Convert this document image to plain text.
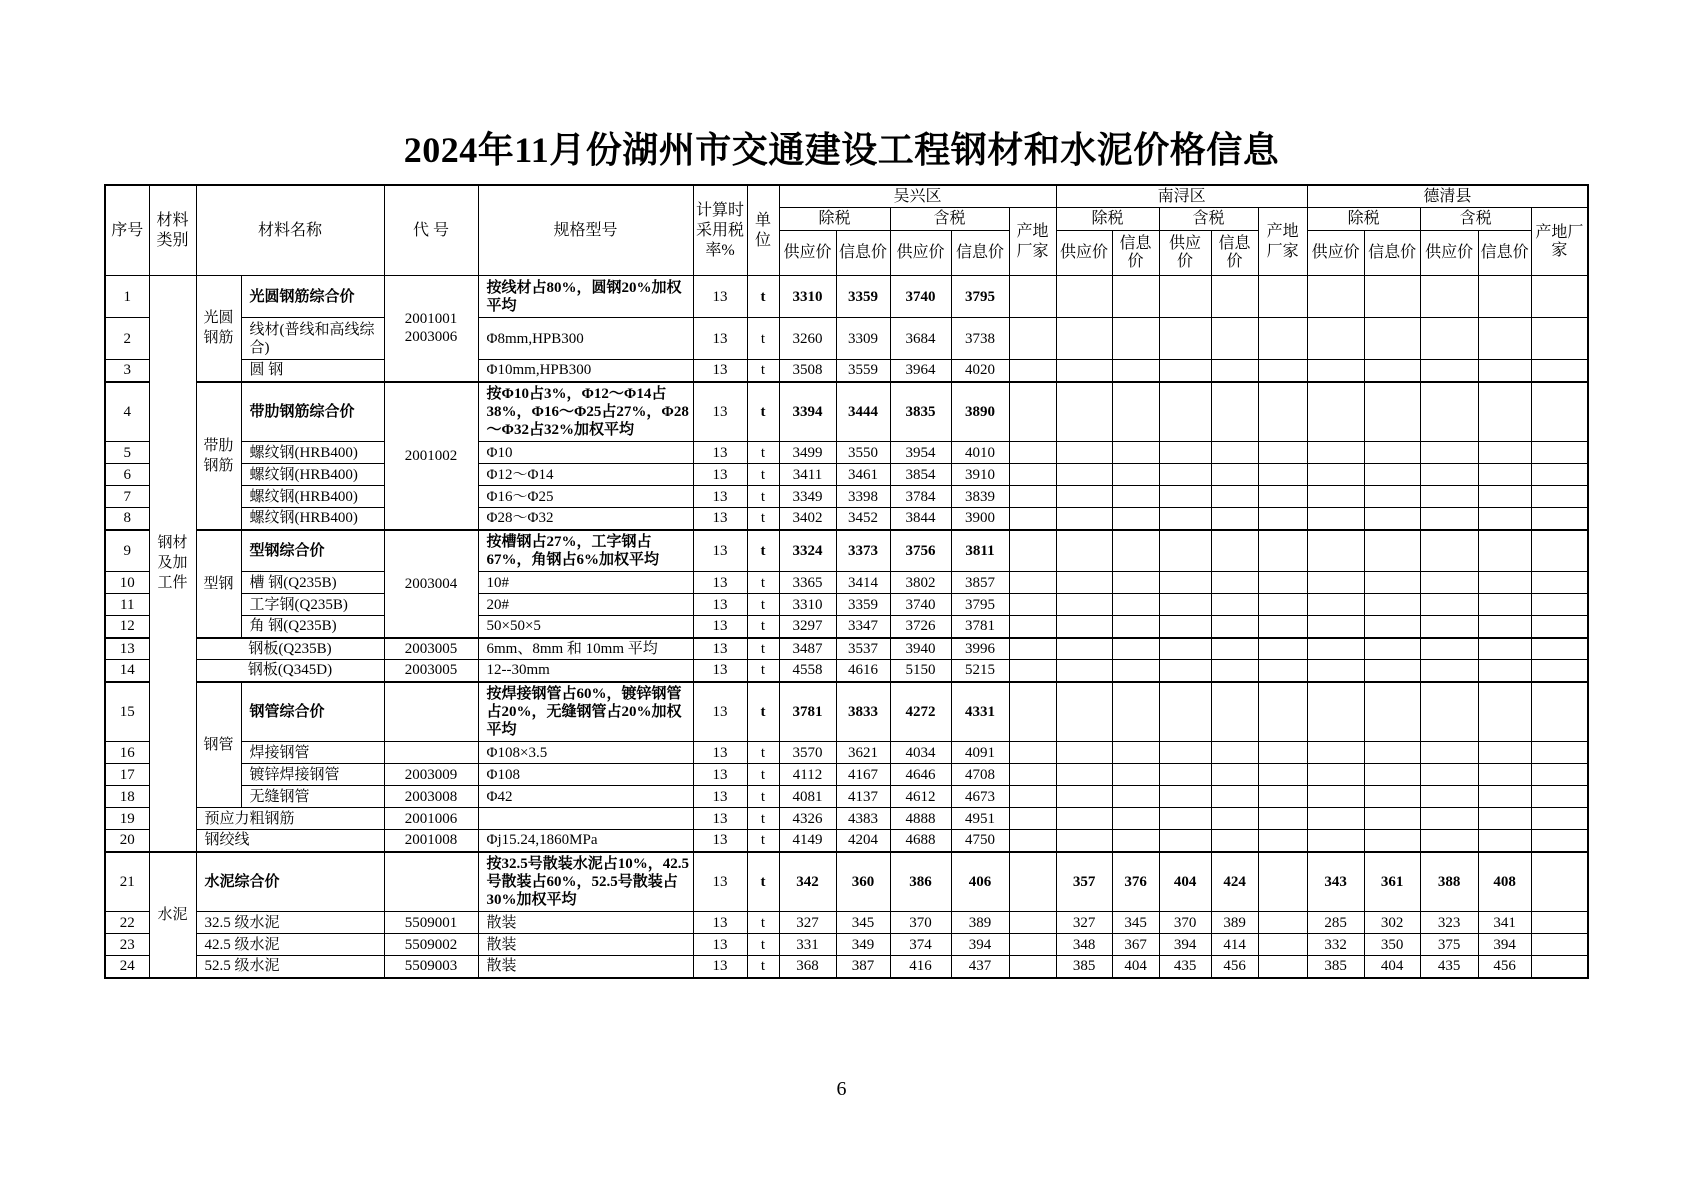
2024年11月份湖州市交通建设工程钢材和水泥价格信息
序号	材料类别	材料名称		代 号	规格型号	计算时采用税率%	单位	吴兴区					南浔区					德清县				
								除税		含税		产地厂家	除税		含税		产地厂家	除税		含税		产地厂家
								供应价	信息价	供应价	信息价		供应价	信息价	供应价	信息价		供应价	信息价	供应价	信息价	
1	钢材及加工件	光圆钢筋	光圆钢筋综合价	2001001 2003006	按线材占80%，圆钢20%加权平均	13	t	3310	3359	3740	3795											
2			线材(普线和高线综合)		Φ8mm,HPB300	13	t	3260	3309	3684	3738											
3			圆 钢		Φ10mm,HPB300	13	t	3508	3559	3964	4020											
4		带肋钢筋	带肋钢筋综合价	2001002	按Φ10占3%，Φ12～Φ14占38%，Φ16～Φ25占27%，Φ28～Φ32占32%加权平均	13	t	3394	3444	3835	3890											
5			螺纹钢(HRB400)		Φ10	13	t	3499	3550	3954	4010											
6			螺纹钢(HRB400)		Φ12～Φ14	13	t	3411	3461	3854	3910											
7			螺纹钢(HRB400)		Φ16～Φ25	13	t	3349	3398	3784	3839											
8			螺纹钢(HRB400)		Φ28～Φ32	13	t	3402	3452	3844	3900											
9		型钢	型钢综合价	2003004	按槽钢占27%，工字钢占67%，角钢占6%加权平均	13	t	3324	3373	3756	3811											
10			槽 钢(Q235B)		10#	13	t	3365	3414	3802	3857											
11			工字钢(Q235B)		20#	13	t	3310	3359	3740	3795											
12			角 钢(Q235B)		50×50×5	13	t	3297	3347	3726	3781											
13		钢板(Q235B)		2003005	6mm、8mm 和 10mm 平均	13	t	3487	3537	3940	3996											
14		钢板(Q345D)		2003005	12--30mm	13	t	4558	4616	5150	5215											
15		钢管	钢管综合价		按焊接钢管占60%，镀锌钢管占20%，无缝钢管占20%加权平均	13	t	3781	3833	4272	4331											
16			焊接钢管		Φ108×3.5	13	t	3570	3621	4034	4091											
17			镀锌焊接钢管	2003009	Φ108	13	t	4112	4167	4646	4708											
18			无缝钢管	2003008	Φ42	13	t	4081	4137	4612	4673											
19		预应力粗钢筋		2001006		13	t	4326	4383	4888	4951											
20		钢绞线		2001008	Φj15.24,1860MPa	13	t	4149	4204	4688	4750											
21	水泥	水泥综合价			按32.5号散装水泥占10%，42.5号散装占60%，52.5号散装占30%加权平均	13	t	342	360	386	406		357	376	404	424		343	361	388	408	
22		32.5 级水泥		5509001	散装	13	t	327	345	370	389		327	345	370	389		285	302	323	341	
23		42.5 级水泥		5509002	散装	13	t	331	349	374	394		348	367	394	414		332	350	375	394	
24		52.5 级水泥		5509003	散装	13	t	368	387	416	437		385	404	435	456		385	404	435	456	
6
